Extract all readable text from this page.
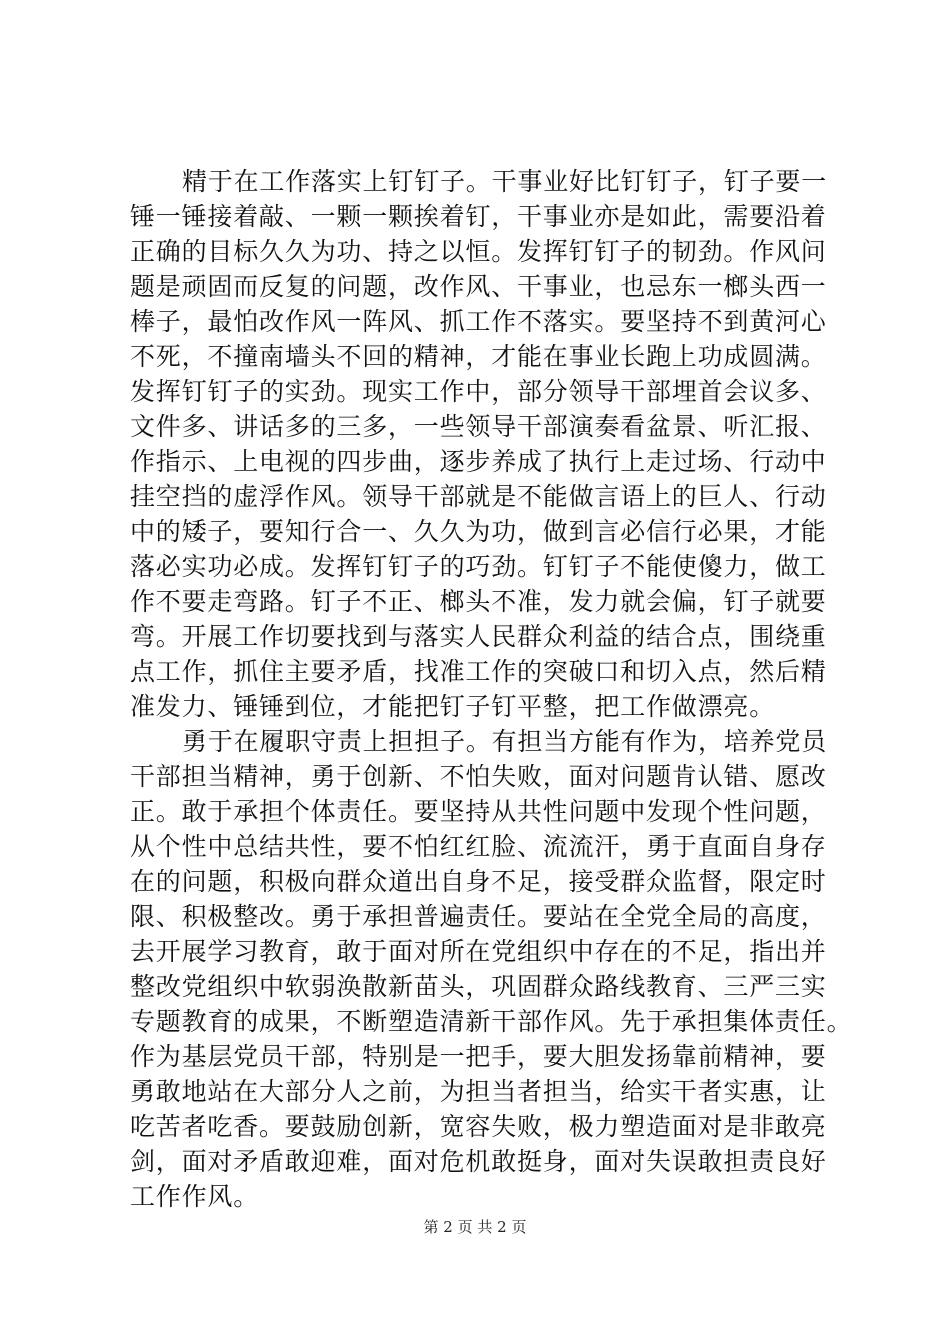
精于在工作落实上钉钉子。干事业好比钉钉子，钉子要一
锤一锤接着敲、一颗一颗挨着钉，干事业亦是如此，需要沿着
正确的目标久久为功、持之以恒。发挥钉钉子的韧劲。作风问
题是顽固而反复的问题，改作风、干事业，也忌东一榔头西一
棒子，最怕改作风一阵风、抓工作不落实。要坚持不到黄河心
不死，不撞南墙头不回的精神，才能在事业长跑上功成圆满。
发挥钉钉子的实劲。现实工作中，部分领导干部埋首会议多、
文件多、讲话多的三多，一些领导干部演奏看盆景、听汇报、
作指示、上电视的四步曲，逐步养成了执行上走过场、行动中
挂空挡的虚浮作风。领导干部就是不能做言语上的巨人、行动
中的矮子，要知行合一、久久为功，做到言必信行必果，才能
落必实功必成。发挥钉钉子的巧劲。钉钉子不能使傻力，做工
作不要走弯路。钉子不正、榔头不准，发力就会偏，钉子就要
弯。开展工作切要找到与落实人民群众利益的结合点，围绕重
点工作，抓住主要矛盾，找准工作的突破口和切入点，然后精
准发力、锤锤到位，才能把钉子钉平整，把工作做漂亮。
勇于在履职守责上担担子。有担当方能有作为，培养党员
干部担当精神，勇于创新、不怕失败，面对问题肯认错、愿改
正。敢于承担个体责任。要坚持从共性问题中发现个性问题，
从个性中总结共性，要不怕红红脸、流流汗，勇于直面自身存
在的问题，积极向群众道出自身不足，接受群众监督，限定时
限、积极整改。勇于承担普遍责任。要站在全党全局的高度，
去开展学习教育，敢于面对所在党组织中存在的不足，指出并
整改党组织中软弱涣散新苗头，巩固群众路线教育、三严三实
专题教育的成果，不断塑造清新干部作风。先于承担集体责任。
作为基层党员干部，特别是一把手，要大胆发扬靠前精神，要
勇敢地站在大部分人之前，为担当者担当，给实干者实惠，让
吃苦者吃香。要鼓励创新，宽容失败，极力塑造面对是非敢亮
剑，面对矛盾敢迎难，面对危机敢挺身，面对失误敢担责良好
工作作风。
第 2 页 共 2 页
